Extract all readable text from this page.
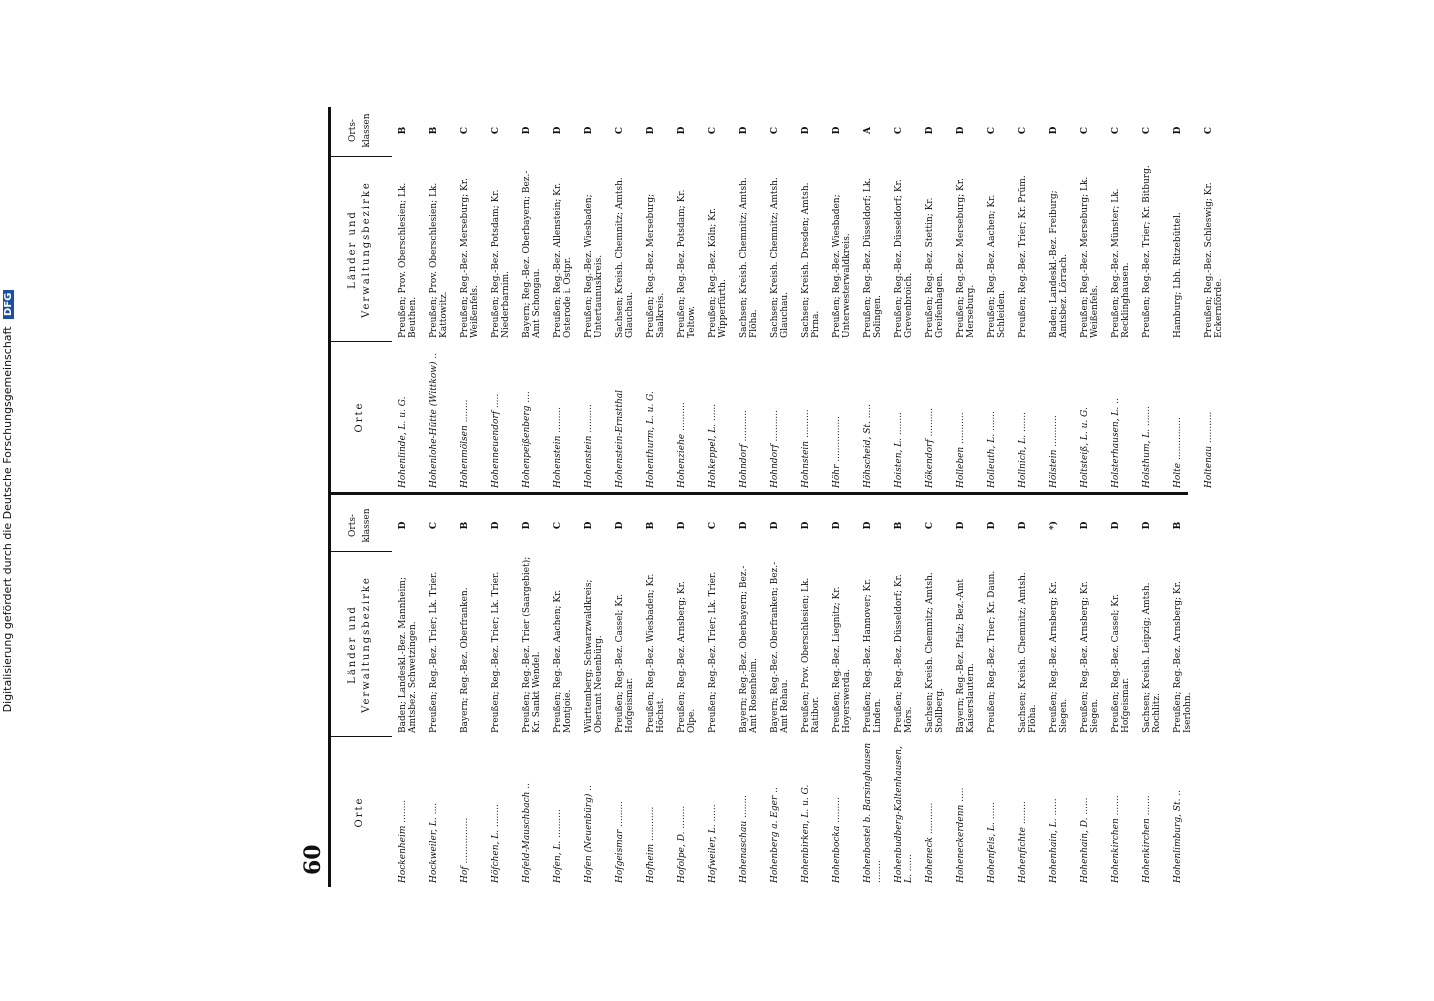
Digitalisierung gefördert durch die Deutsche Forschungsgemeinschaft DFG
60
Orte
Länder und Verwaltungsbezirke
Orts-klassen
Hockenheim ........
Baden; Landeskl.-Bez. Mannheim; Amtsbez. Schwetzingen.
D
Hockweiler, L. ....
Preußen; Reg.-Bez. Trier; Lk. Trier.
C
Hof ................
Bayern; Reg.-Bez. Oberfranken.
B
Höfchen, L. ........
Preußen; Reg.-Bez. Trier; Lk. Trier.
D
Hofeld-Mauschbach ..
Preußen; Reg.-Bez. Trier (Saargebiet); Kr. Sankt Wendel.
D
Hofen, L. ..........
Preußen; Reg.-Bez. Aachen; Kr. Montjoie.
C
Hofen (Neuenbürg) ..
Württemberg; Schwarzwaldkreis; Oberamt Neuenbürg.
D
Hofgeismar .........
Preußen; Reg.-Bez. Cassel; Kr. Hofgeismar.
D
Hofheim ............
Preußen; Reg.-Bez. Wiesbaden; Kr. Höchst.
B
Hofolpe, D. ........
Preußen; Reg.-Bez. Arnsberg; Kr. Olpe.
D
Hofweiler, L. ......
Preußen; Reg.-Bez. Trier; Lk. Trier.
C
Hohenaschau ........
Bayern; Reg.-Bez. Oberbayern; Bez.-Amt Rosenheim.
D
Hohenberg a. Eger ..
Bayern; Reg.-Bez. Oberfranken; Bez.-Amt Rehau.
D
Hohenbirken, L. u. G.
Preußen; Prov. Oberschlesien; Lk. Ratibor.
D
Hohenbocka .........
Preußen; Reg.-Bez. Liegnitz; Kr. Hoyerswerda.
D
Hohenbostel b. Barsinghausen ........
Preußen; Reg.-Bez. Hannover; Kr. Linden.
D
Hohenbudberg-Kaltenhausen, L. ......
Preußen; Reg.-Bez. Düsseldorf; Kr. Mörs.
B
Hoheneck ...........
Sachsen; Kreish. Chemnitz; Amtsh. Stollberg.
C
Hoheneckerdenn .....
Bayern; Reg.-Bez. Pfalz; Bez.-Amt Kaiserslautern.
D
Hohenfels, L. ......
Preußen; Reg.-Bez. Trier; Kr. Daun.
D
Hohenfichte ........
Sachsen; Kreish. Chemnitz; Amtsh. Flöha.
D
Hohenhain, L. ......
Preußen; Reg.-Bez. Arnsberg; Kr. Siegen.
*)
Hohenhain, D. ......
Preußen; Reg.-Bez. Arnsberg; Kr. Siegen.
D
Hohenkirchen .......
Preußen; Reg.-Bez. Cassel; Kr. Hofgeismar.
D
Hohenkirchen .......
Sachsen; Kreish. Leipzig; Amtsh. Rochlitz.
D
Hohenlimburg, St. ..
Preußen; Reg.-Bez. Arnsberg; Kr. Iserlohn.
B
Orte
Länder und Verwaltungsbezirke
Orts-klassen
Hohenlinde, L. u. G.
Preußen; Prov. Oberschlesien; Lk. Beuthen.
B
Hohenlohe-Hütte (Wittkow) ..
Preußen; Prov. Oberschlesien; Lk. Kattowitz.
B
Hohenmölsen ........
Preußen; Reg.-Bez. Merseburg; Kr. Weißenfels.
C
Hohenneuendorf .....
Preußen; Reg.-Bez. Potsdam; Kr. Niederbarnim.
C
Hohenpeißenberg ....
Bayern; Reg.-Bez. Oberbayern; Bez.-Amt Schongau.
D
Hohenstein .........
Preußen; Reg.-Bez. Allenstein; Kr. Osterode i. Ostpr.
D
Hohenstein ..........
Preußen; Reg.-Bez. Wiesbaden; Untertaunuskreis.
D
Hohenstein-Ernstthal
Sachsen; Kreish. Chemnitz; Amtsh. Glauchau.
C
Hohenthurm, L. u. G.
Preußen; Reg.-Bez. Merseburg; Saalkreis.
D
Hohenziehe ..........
Preußen; Reg.-Bez. Potsdam; Kr. Teltow.
D
Hohkeppel, L. ......
Preußen; Reg.-Bez. Köln; Kr. Wipperfürth.
C
Hohndorf ...........
Sachsen; Kreish. Chemnitz; Amtsh. Flöha.
D
Hohndorf ...........
Sachsen; Kreish. Chemnitz; Amtsh. Glauchau.
C
Hohnstein ..........
Sachsen; Kreish. Dresden; Amtsh. Pirna.
D
Höhr ................
Preußen; Reg.-Bez. Wiesbaden; Unterwesterwaldkreis.
D
Höhscheid, St. .....
Preußen; Reg.-Bez. Düsseldorf; Lk. Solingen.
A
Hoisten, L. ........
Preußen; Reg.-Bez. Düsseldorf; Kr. Grevenbroich.
C
Hökendorf ..........
Preußen; Reg.-Bez. Stettin; Kr. Greifenhagen.
D
Holleben ...........
Preußen; Reg.-Bez. Merseburg; Kr. Merseburg.
D
Holleuth, L. .......
Preußen; Reg.-Bez. Aachen; Kr. Schleiden.
C
Hollnich, L. .......
Preußen; Reg.-Bez. Trier; Kr. Prüm.
C
Hölstein ...........
Baden; Landeskl.-Bez. Freiburg; Amtsbez. Lörrach.
D
Holtsteiß, L. u. G.
Preußen; Reg.-Bez. Merseburg; Lk. Weißenfels.
C
Holsterhausen, L. ..
Preußen; Reg.-Bez. Münster; Lk. Recklinghausen.
C
Holsthum, L. .......
Preußen; Reg.-Bez. Trier; Kr. Bitburg.
C
Holte ...............
Hamburg; Lbh. Ritzebüttel.
D
Holtenau ...........
Preußen; Reg.-Bez. Schleswig; Kr. Eckernförde.
C
